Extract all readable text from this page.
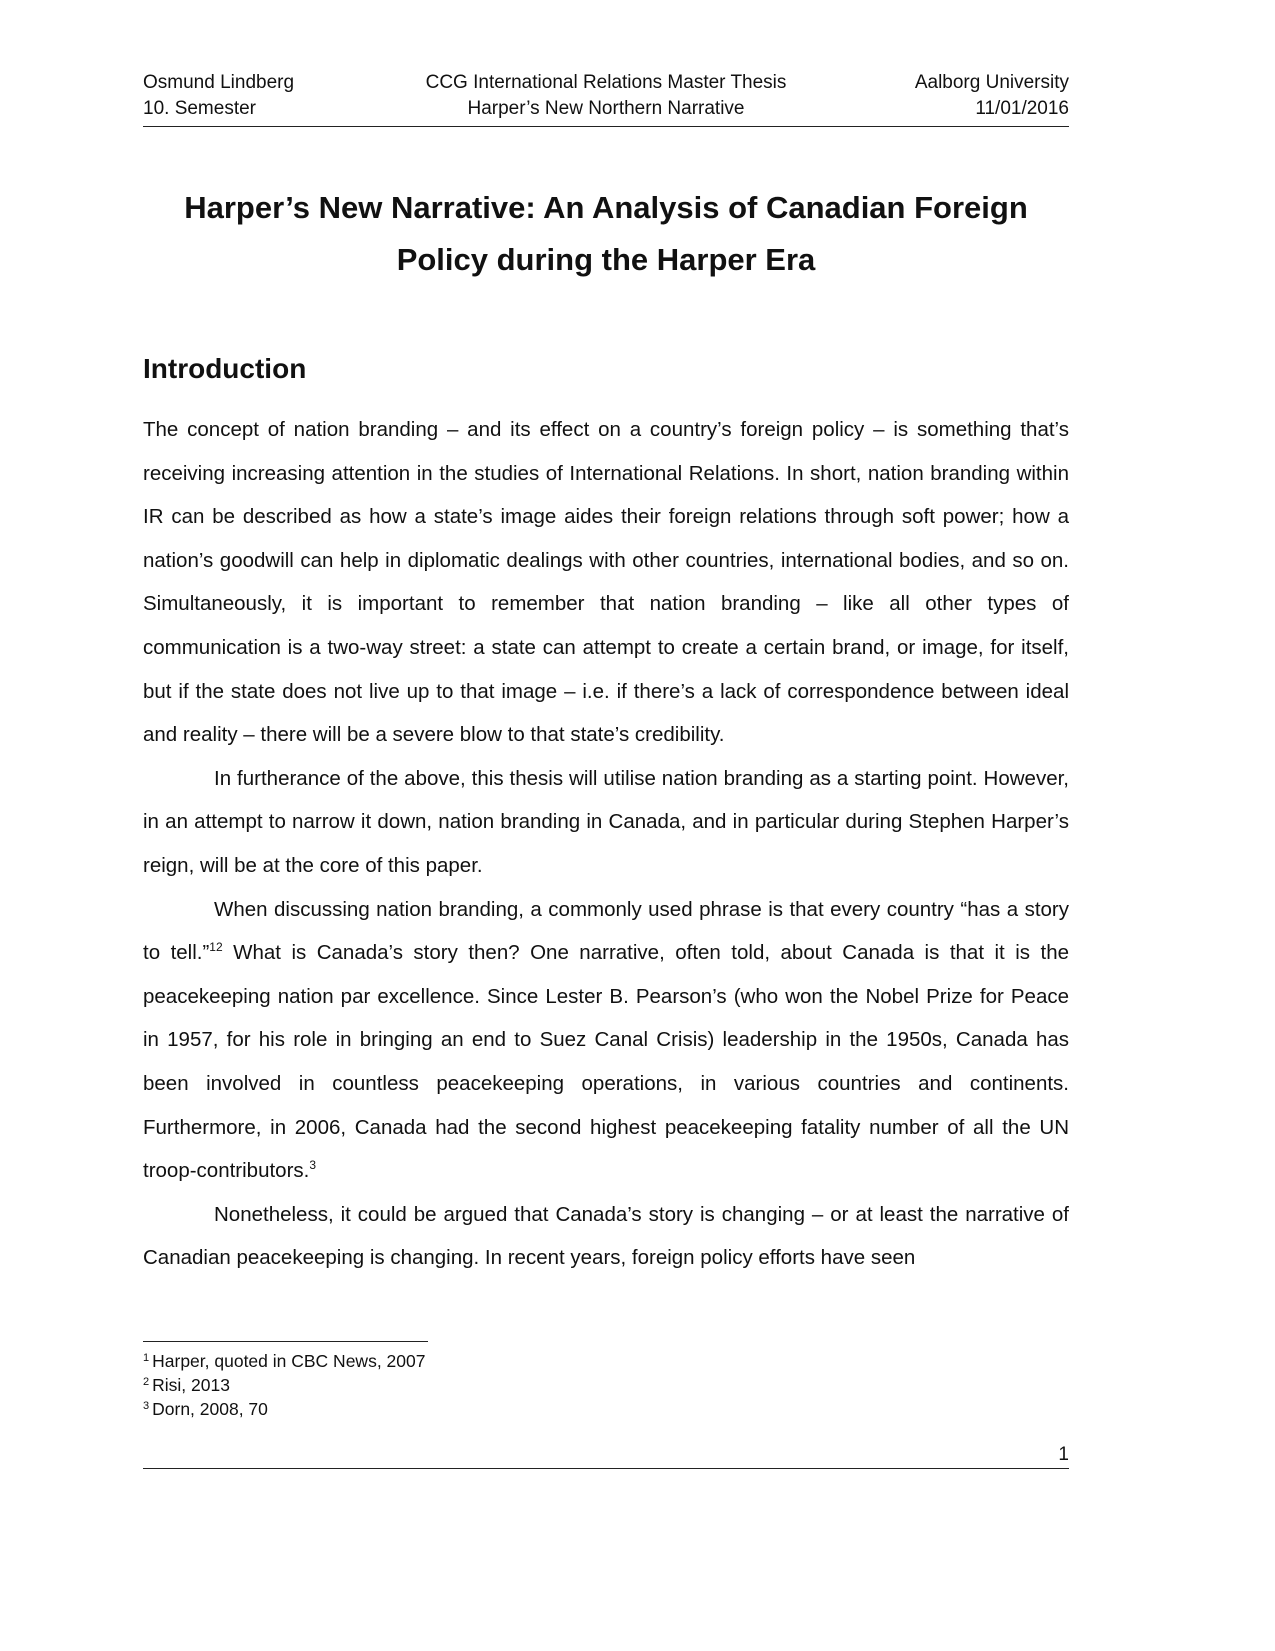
Osmund Lindberg
10. Semester
CCG International Relations Master Thesis
Harper’s New Northern Narrative
Aalborg University
11/01/2016
Harper’s New Narrative: An Analysis of Canadian Foreign
Policy during the Harper Era
Introduction

The concept of nation branding – and its effect on a country’s foreign policy – is something that’s receiving increasing attention in the studies of International Relations. In short, nation branding within IR can be described as how a state’s image aides their foreign relations through soft power; how a nation’s goodwill can help in diplomatic dealings with other countries, international bodies, and so on. Simultaneously, it is important to remember that nation branding – like all other types of communication is a two-way street: a state can attempt to create a certain brand, or image, for itself, but if the state does not live up to that image – i.e. if there’s a lack of correspondence between ideal and reality – there will be a severe blow to that state’s credibility.

In furtherance of the above, this thesis will utilise nation branding as a starting point. However, in an attempt to narrow it down, nation branding in Canada, and in particular during Stephen Harper’s reign, will be at the core of this paper.

When discussing nation branding, a commonly used phrase is that every country “has a story to tell.”$^{12}$ What is Canada’s story then? One narrative, often told, about Canada is that it is the peacekeeping nation par excellence. Since Lester B. Pearson’s (who won the Nobel Prize for Peace in 1957, for his role in bringing an end to Suez Canal Crisis) leadership in the 1950s, Canada has been involved in countless peacekeeping operations, in various countries and continents. Furthermore, in 2006, Canada had the second highest peacekeeping fatality number of all the UN troop-contributors.$^3$

Nonetheless, it could be argued that Canada’s story is changing – or at least the narrative of Canadian peacekeeping is changing. In recent years, foreign policy efforts have seen

$^1$ Harper, quoted in CBC News, 2007
$^2$ Risi, 2013
$^3$ Dorn, 2008, 70
1
